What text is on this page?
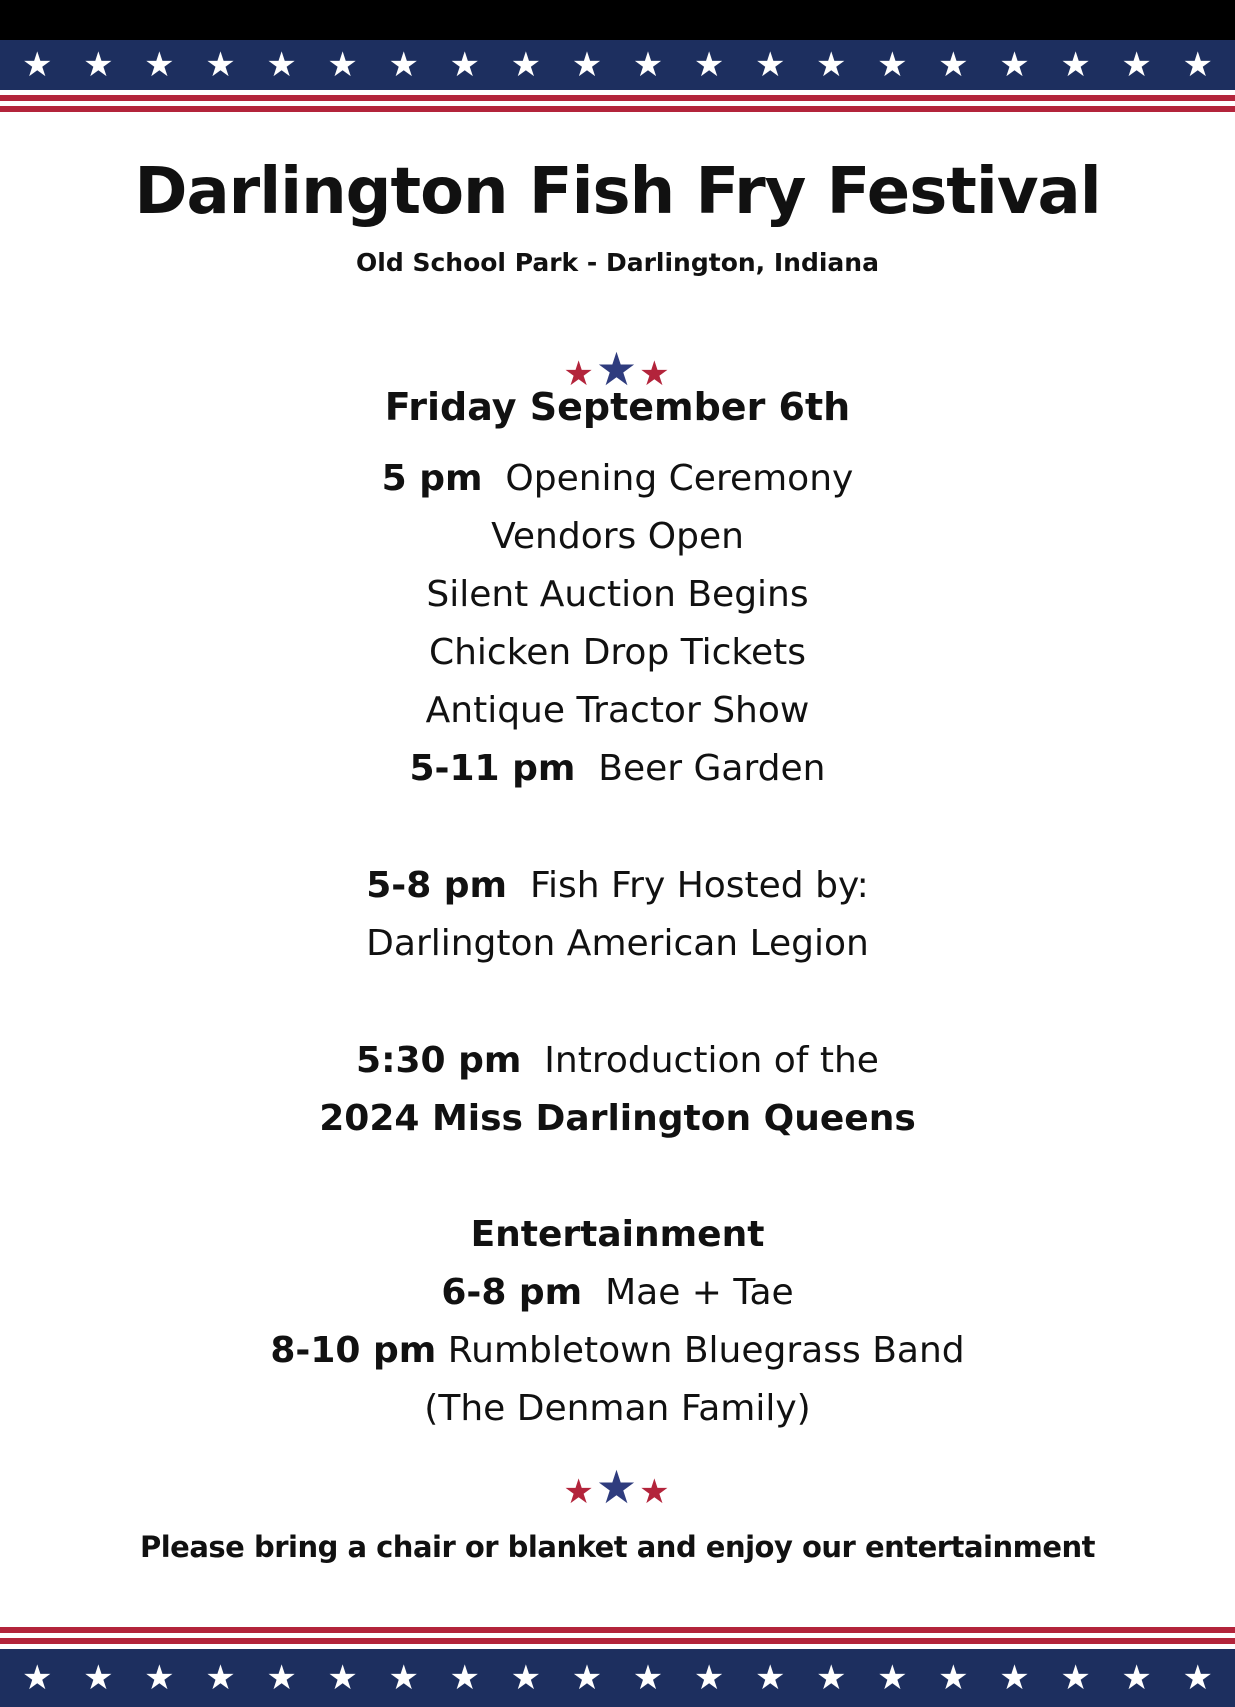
★ ★ ★ ★ ★ ★ ★ ★ ★ ★ ★ ★ ★ ★ ★ ★ ★ ★ ★ ★
Darlington Fish Fry Festival
Old School Park - Darlington, Indiana
★★★
Friday September 6th
5 pm Opening Ceremony
Vendors Open
Silent Auction Begins
Chicken Drop Tickets
Antique Tractor Show
5-11 pm Beer Garden
5-8 pm Fish Fry Hosted by:
Darlington American Legion
5:30 pm Introduction of the
2024 Miss Darlington Queens
Entertainment
6-8 pm Mae + Tae
8-10 pm Rumbletown Bluegrass Band
(The Denman Family)
★★★
Please bring a chair or blanket and enjoy our entertainment
★ ★ ★ ★ ★ ★ ★ ★ ★ ★ ★ ★ ★ ★ ★ ★ ★ ★ ★ ★
